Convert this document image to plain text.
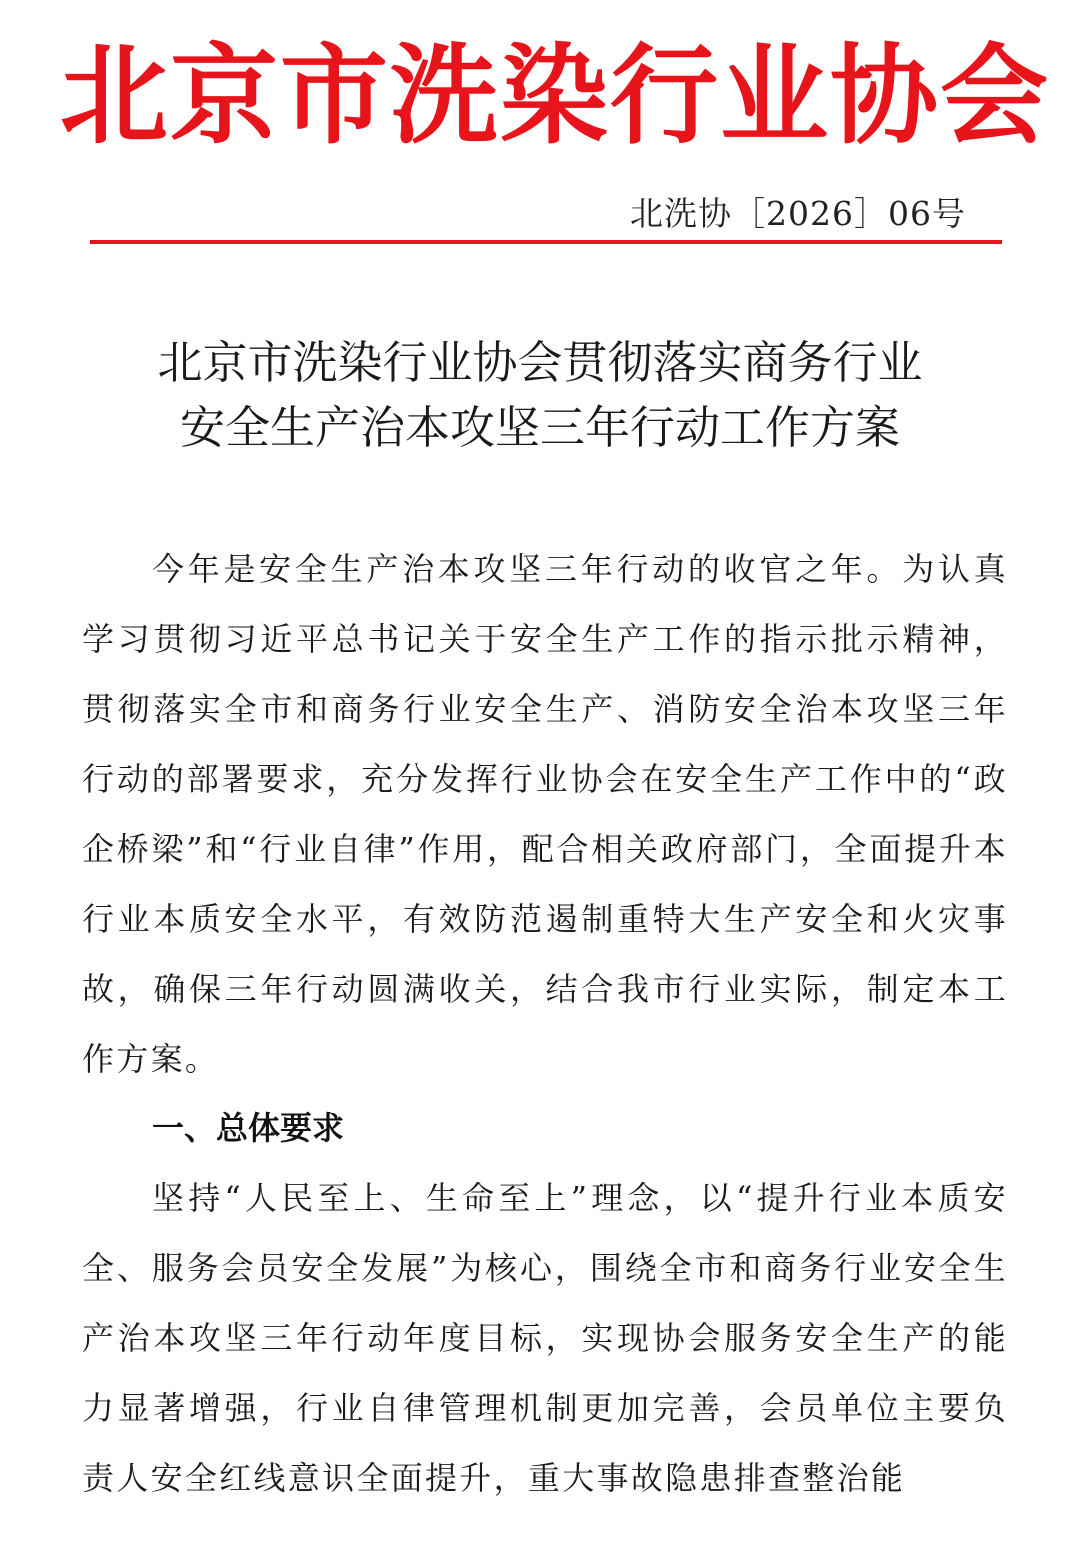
北京市洗染行业协会
北洗协［2026］06号
北京市洗染行业协会贯彻落实商务行业
安全生产治本攻坚三年行动工作方案

今年是安全生产治本攻坚三年行动的收官之年。为认真学习贯彻习近平总书记关于安全生产工作的指示批示精神，贯彻落实全市和商务行业安全生产、消防安全治本攻坚三年行动的部署要求，充分发挥行业协会在安全生产工作中的“政企桥梁”和“行业自律”作用，配合相关政府部门，全面提升本行业本质安全水平，有效防范遏制重特大生产安全和火灾事故，确保三年行动圆满收关，结合我市行业实际，制定本工作方案。

一、总体要求

坚持“人民至上、生命至上”理念，以“提升行业本质安全、服务会员安全发展”为核心，围绕全市和商务行业安全生产治本攻坚三年行动年度目标，实现协会服务安全生产的能力显著增强，行业自律管理机制更加完善，会员单位主要负责人安全红线意识全面提升，重大事故隐患排查整治能
